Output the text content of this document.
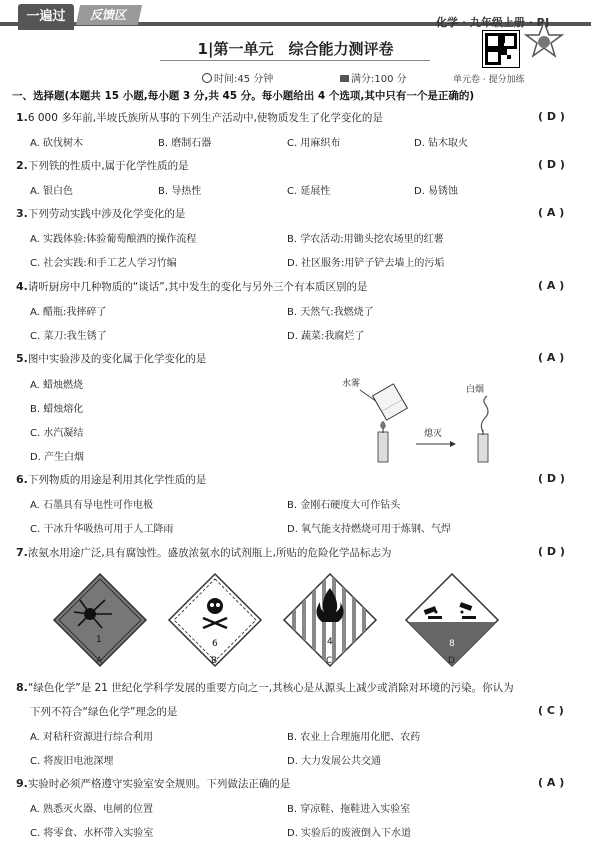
一遍过	反馈区
化学 · 九年级上册 · RJ
1|第一单元　综合能力测评卷
时间:45 分钟	满分:100 分	单元卷 · 提分加练
一、选择题(本题共 15 小题,每小题 3 分,共 45 分。每小题给出 4 个选项,其中只有一个是正确的)
1.6 000 多年前,半坡氏族所从事的下列生产活动中,使物质发生了化学变化的是	( D )
A. 砍伐树木	B. 磨制石器	C. 用麻织布	D. 钻木取火
2.下列铁的性质中,属于化学性质的是	( D )
A. 银白色	B. 导热性	C. 延展性	D. 易锈蚀
3.下列劳动实践中涉及化学变化的是	( A )
A. 实践体验:体验葡萄酿酒的操作流程	B. 学农活动:用锄头挖农场里的红薯
C. 社会实践:和手工艺人学习竹编	D. 社区服务:用铲子铲去墙上的污垢
4.请听厨房中几种物质的“谈话”,其中发生的变化与另外三个有本质区别的是	( A )
A. 醋瓶:我摔碎了	B. 天然气:我燃烧了
C. 菜刀:我生锈了	D. 蔬菜:我腐烂了
5.图中实验涉及的变化属于化学变化的是	( A )
A. 蜡烛燃烧
B. 蜡烛熔化
C. 水汽凝结
D. 产生白烟
水雾
熄灭
白烟
6.下列物质的用途是利用其化学性质的是	( D )
A. 石墨具有导电性可作电极	B. 金刚石硬度大可作钻头
C. 干冰升华吸热可用于人工降雨	D. 氧气能支持燃烧可用于炼钢、气焊
7.浓氨水用途广泛,具有腐蚀性。盛放浓氨水的试剂瓶上,所贴的危险化学品标志为	( D )
1	6	4	8
A	B	C	D
8.“绿色化学”是 21 世纪化学科学发展的重要方向之一,其核心是从源头上减少或消除对环境的污染。你认为
下列不符合“绿色化学”理念的是	( C )
A. 对秸秆资源进行综合利用	B. 农业上合理施用化肥、农药
C. 将废旧电池深埋	D. 大力发展公共交通
9.实验时必须严格遵守实验室安全规则。下列做法正确的是	( A )
A. 熟悉灭火器、电闸的位置	B. 穿凉鞋、拖鞋进入实验室
C. 将零食、水杯带入实验室	D. 实验后的废液倒入下水道
